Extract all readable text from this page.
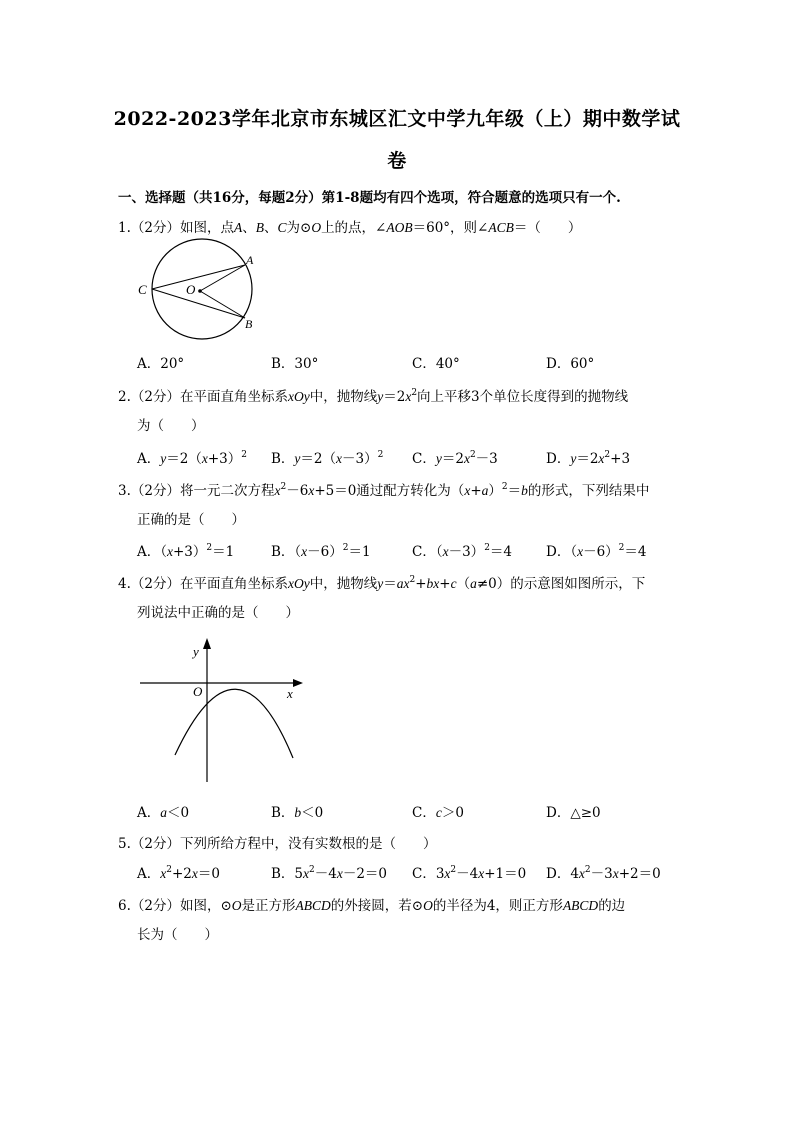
2022-2023学年北京市东城区汇文中学九年级（上）期中数学试
卷
一、选择题（共16分，每题2分）第1-8题均有四个选项，符合题意的选项只有一个.
1.（2分）如图，点A、B、C为⊙O上的点，∠AOB＝60°，则∠ACB＝（　　）
C	O
A
B
A．20°	B．30°	C．40°	D．60°
2.（2分）在平面直角坐标系xOy中，抛物线$y=2x^2$向上平移3个单位长度得到的抛物线
为（　　）
A．$y=2(x+3)^2$ B．$y=2(x-3)^2$ C．$y=2x^2-3$	D．$y=2x^2+3$
3.（2分）将一元二次方程$x^2-6x+5=0$通过配方转化为$(x+a)^2=b$的形式，下列结果中
正确的是（　　）
A．$(x+3)^2=1$	B．$(x-6)^2=1$	C．$(x-3)^2=4$	D．$(x-6)^2=4$
4.（2分）在平面直角坐标系xOy中，抛物线$y=ax^2+bx+c(a\ne 0)$的示意图如图所示，下
列说法中正确的是（　　）
y
x
O
A．a＜0	B．b＜0	C．c＞0	D．△≥0
5.（2分）下列所给方程中，没有实数根的是（　　）
A．$x^2+2x=0$	B．$5x^2-4x-2=0$ C．$3x^2-4x+1=0$ D．$4x^2-3x+2=0$
6.（2分）如图，⊙O是正方形ABCD的外接圆，若⊙O的半径为4，则正方形ABCD的边
长为（　　）
